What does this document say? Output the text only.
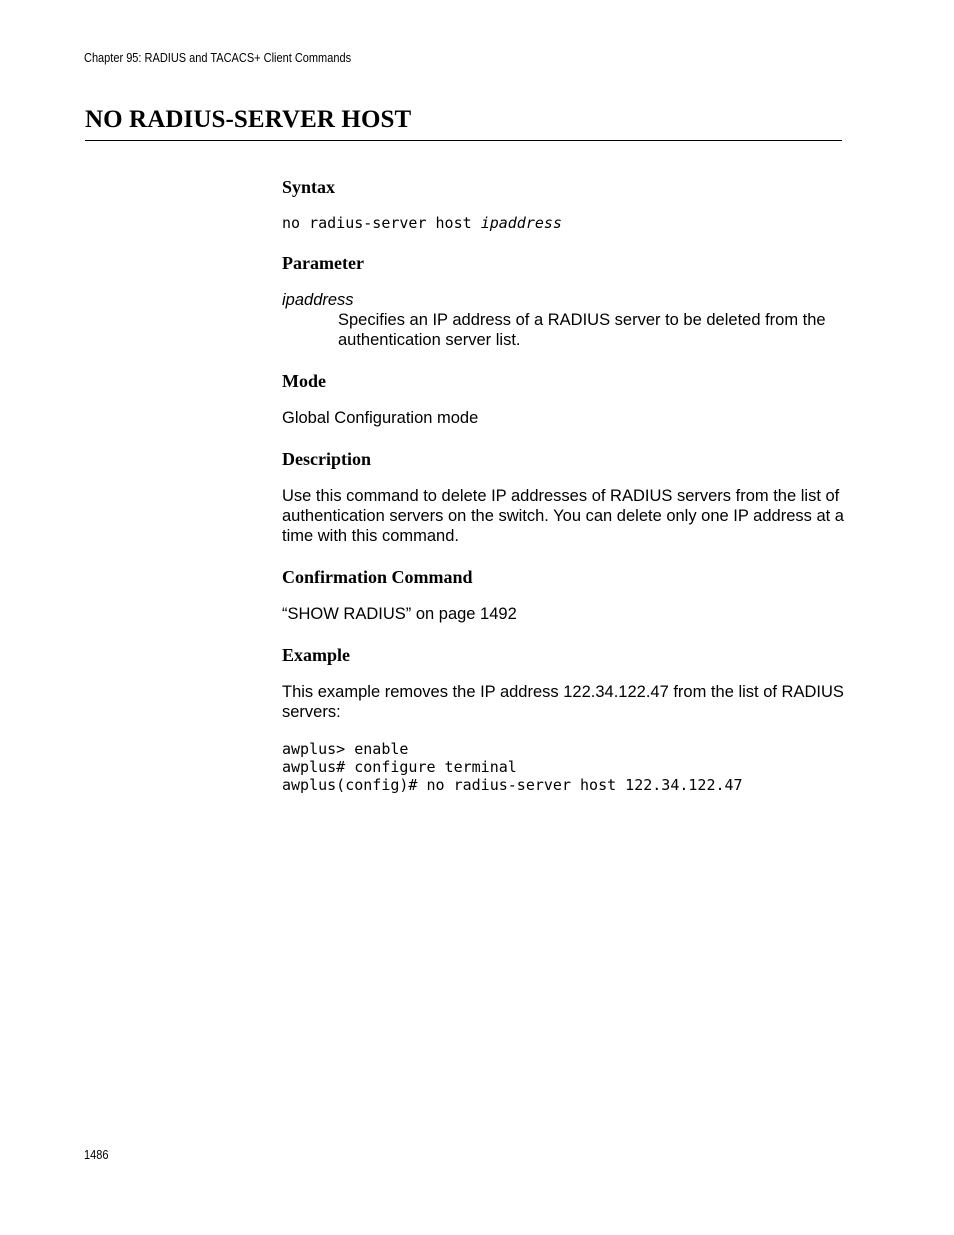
Chapter 95: RADIUS and TACACS+ Client Commands
NO RADIUS-SERVER HOST
Syntax

no radius-server host ipaddress

Parameter

ipaddress

Specifies an IP address of a RADIUS server to be deleted from the authentication server list.

Mode

Global Configuration mode

Description

Use this command to delete IP addresses of RADIUS servers from the list of authentication servers on the switch. You can delete only one IP address at a time with this command.

Confirmation Command

“SHOW RADIUS” on page 1492

Example

This example removes the IP address 122.34.122.47 from the list of RADIUS servers:

awplus> enable

awplus# configure terminal

awplus(config)# no radius-server host 122.34.122.47

1486
